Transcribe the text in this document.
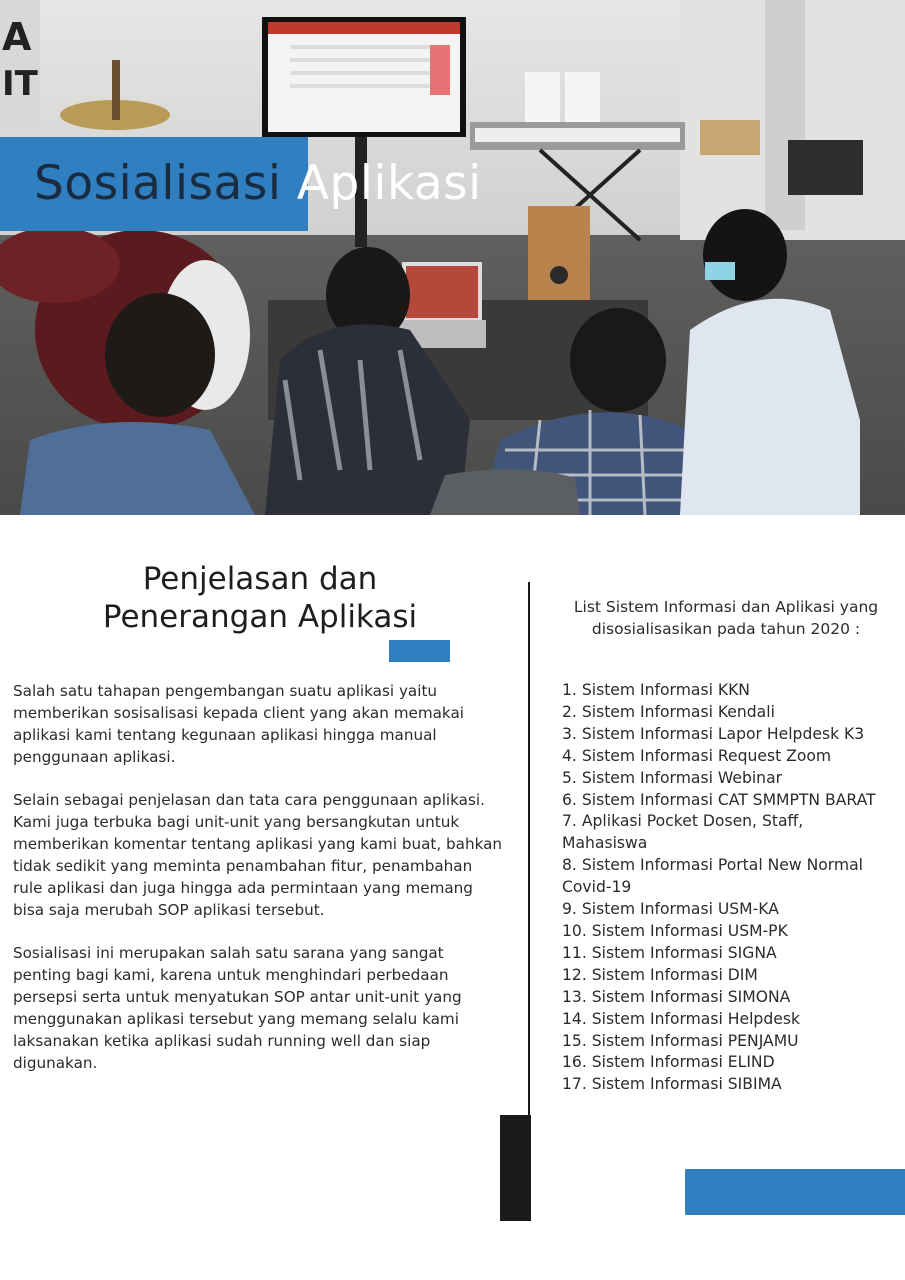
A
IT
Sosialisasi Aplikasi
Penjelasan dan
Penerangan Aplikasi

Salah satu tahapan pengembangan suatu aplikasi yaitu memberikan sosisalisasi kepada client yang akan memakai aplikasi kami tentang kegunaan aplikasi hingga manual penggunaan aplikasi.

Selain sebagai penjelasan dan tata cara penggunaan aplikasi. Kami juga terbuka bagi unit-unit yang bersangkutan untuk memberikan komentar tentang aplikasi yang kami buat, bahkan tidak sedikit yang meminta penambahan fitur, penambahan rule aplikasi dan juga hingga ada permintaan yang memang bisa saja merubah SOP aplikasi tersebut.

Sosialisasi ini merupakan salah satu sarana yang sangat penting bagi kami, karena untuk menghindari perbedaan persepsi serta untuk menyatukan SOP antar unit-unit yang menggunakan aplikasi tersebut yang memang selalu kami laksanakan ketika aplikasi sudah running well dan siap digunakan.

List Sistem Informasi dan Aplikasi yang
disosialisasikan pada tahun 2020 :

1. Sistem Informasi KKN
2. Sistem Informasi Kendali
3. Sistem Informasi Lapor Helpdesk K3
4. Sistem Informasi Request Zoom
5. Sistem Informasi Webinar
6. Sistem Informasi CAT SMMPTN BARAT
7. Aplikasi Pocket Dosen, Staff, Mahasiswa
8. Sistem Informasi Portal New Normal Covid-19
9. Sistem Informasi USM-KA
10. Sistem Informasi USM-PK
11. Sistem Informasi SIGNA
12. Sistem Informasi DIM
13. Sistem Informasi SIMONA
14. Sistem Informasi Helpdesk
15. Sistem Informasi PENJAMU
16. Sistem Informasi ELIND
17. Sistem Informasi SIBIMA
